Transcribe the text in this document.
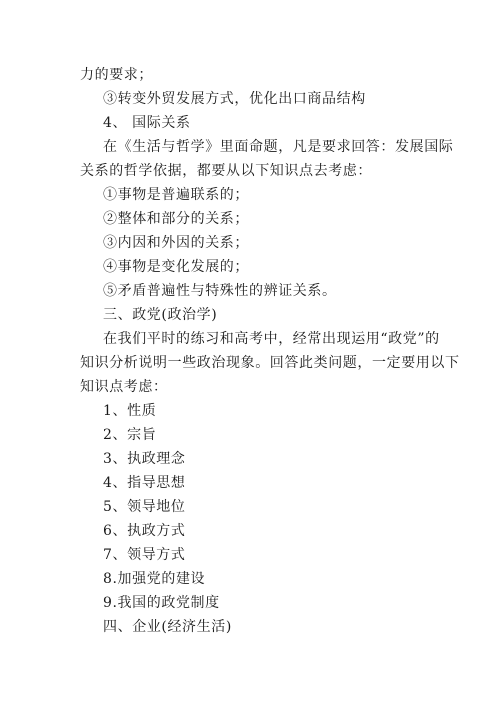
力的要求；
③转变外贸发展方式，优化出口商品结构
4、 国际关系
在《生活与哲学》里面命题，凡是要求回答：发展国际
关系的哲学依据，都要从以下知识点去考虑：
①事物是普遍联系的；
②整体和部分的关系；
③内因和外因的关系；
④事物是变化发展的；
⑤矛盾普遍性与特殊性的辨证关系。
三、政党(政治学)
在我们平时的练习和高考中，经常出现运用“政党”的
知识分析说明一些政治现象。回答此类问题，一定要用以下
知识点考虑：
1、性质
2、宗旨
3、执政理念
4、指导思想
5、领导地位
6、执政方式
7、领导方式
8.加强党的建设
9.我国的政党制度
四、企业(经济生活)
